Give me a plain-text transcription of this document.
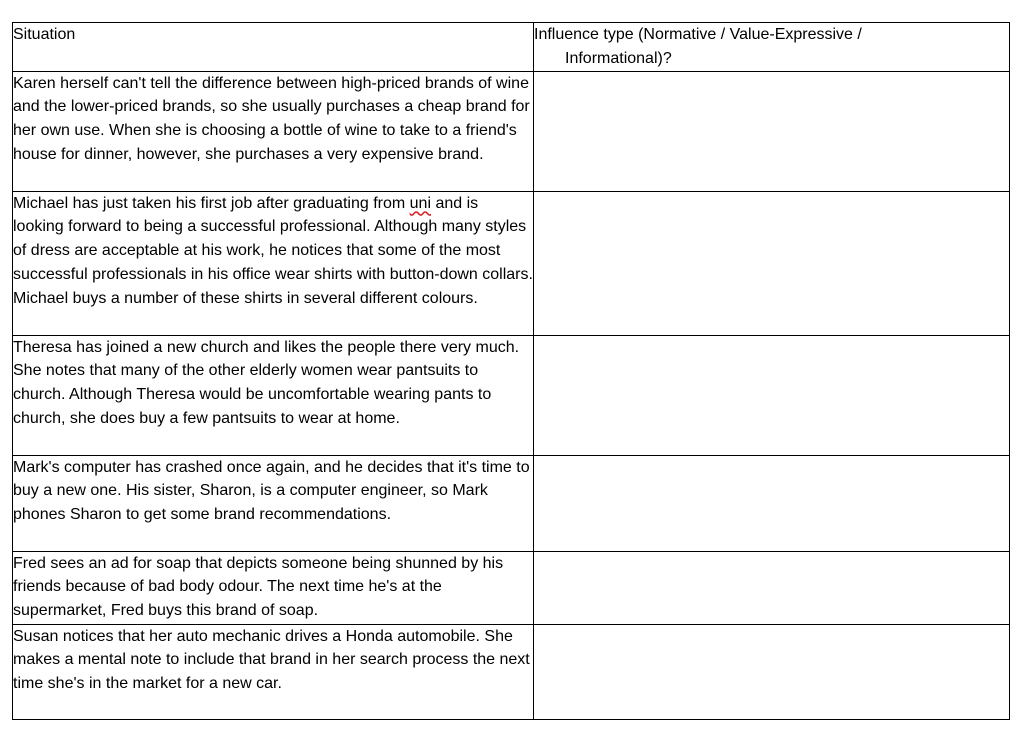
Situation	Influence type (Normative / Value-Expressive /
Informational)?

Karen herself can't tell the difference between high-priced brands of wine and the lower-priced brands, so she usually purchases a cheap brand for her own use. When she is choosing a bottle of wine to take to a friend's house for dinner, however, she purchases a very expensive brand.	
Michael has just taken his first job after graduating from uni and is looking forward to being a successful professional. Although many styles of dress are acceptable at his work, he notices that some of the most successful professionals in his office wear shirts with button-down collars. Michael buys a number of these shirts in several different colours.	
Theresa has joined a new church and likes the people there very much. She notes that many of the other elderly women wear pantsuits to church. Although Theresa would be uncomfortable wearing pants to church, she does buy a few pantsuits to wear at home.	
Mark's computer has crashed once again, and he decides that it's time to buy a new one. His sister, Sharon, is a computer engineer, so Mark phones Sharon to get some brand recommendations.	
Fred sees an ad for soap that depicts someone being shunned by his friends because of bad body odour. The next time he's at the supermarket, Fred buys this brand of soap.	
Susan notices that her auto mechanic drives a Honda automobile. She makes a mental note to include that brand in her search process the next time she's in the market for a new car.	
